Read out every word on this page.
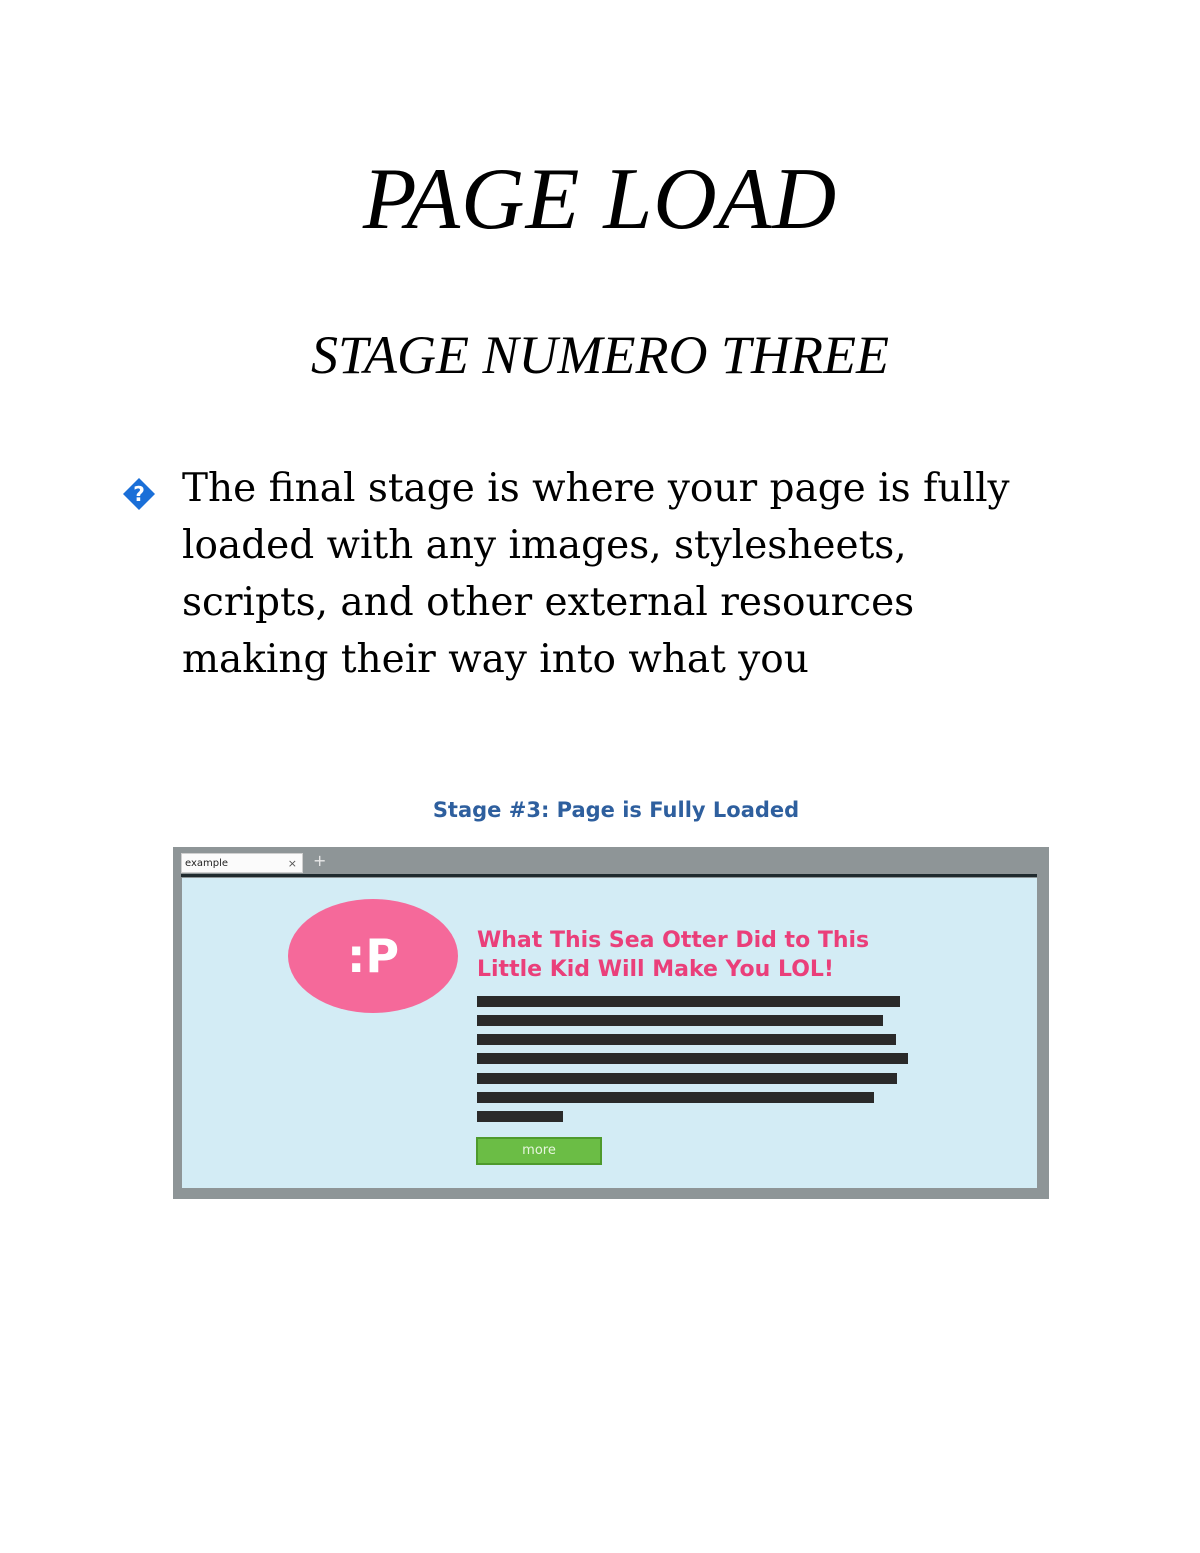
PAGE LOAD
STAGE NUMERO THREE
? The final stage is where your page is fully loaded with any images, stylesheets, scripts, and other external resources making their way into what you
Stage #3: Page is Fully Loaded
example	× +
:P	What This Sea Otter Did to This
Little Kid Will Make You LOL!
more
